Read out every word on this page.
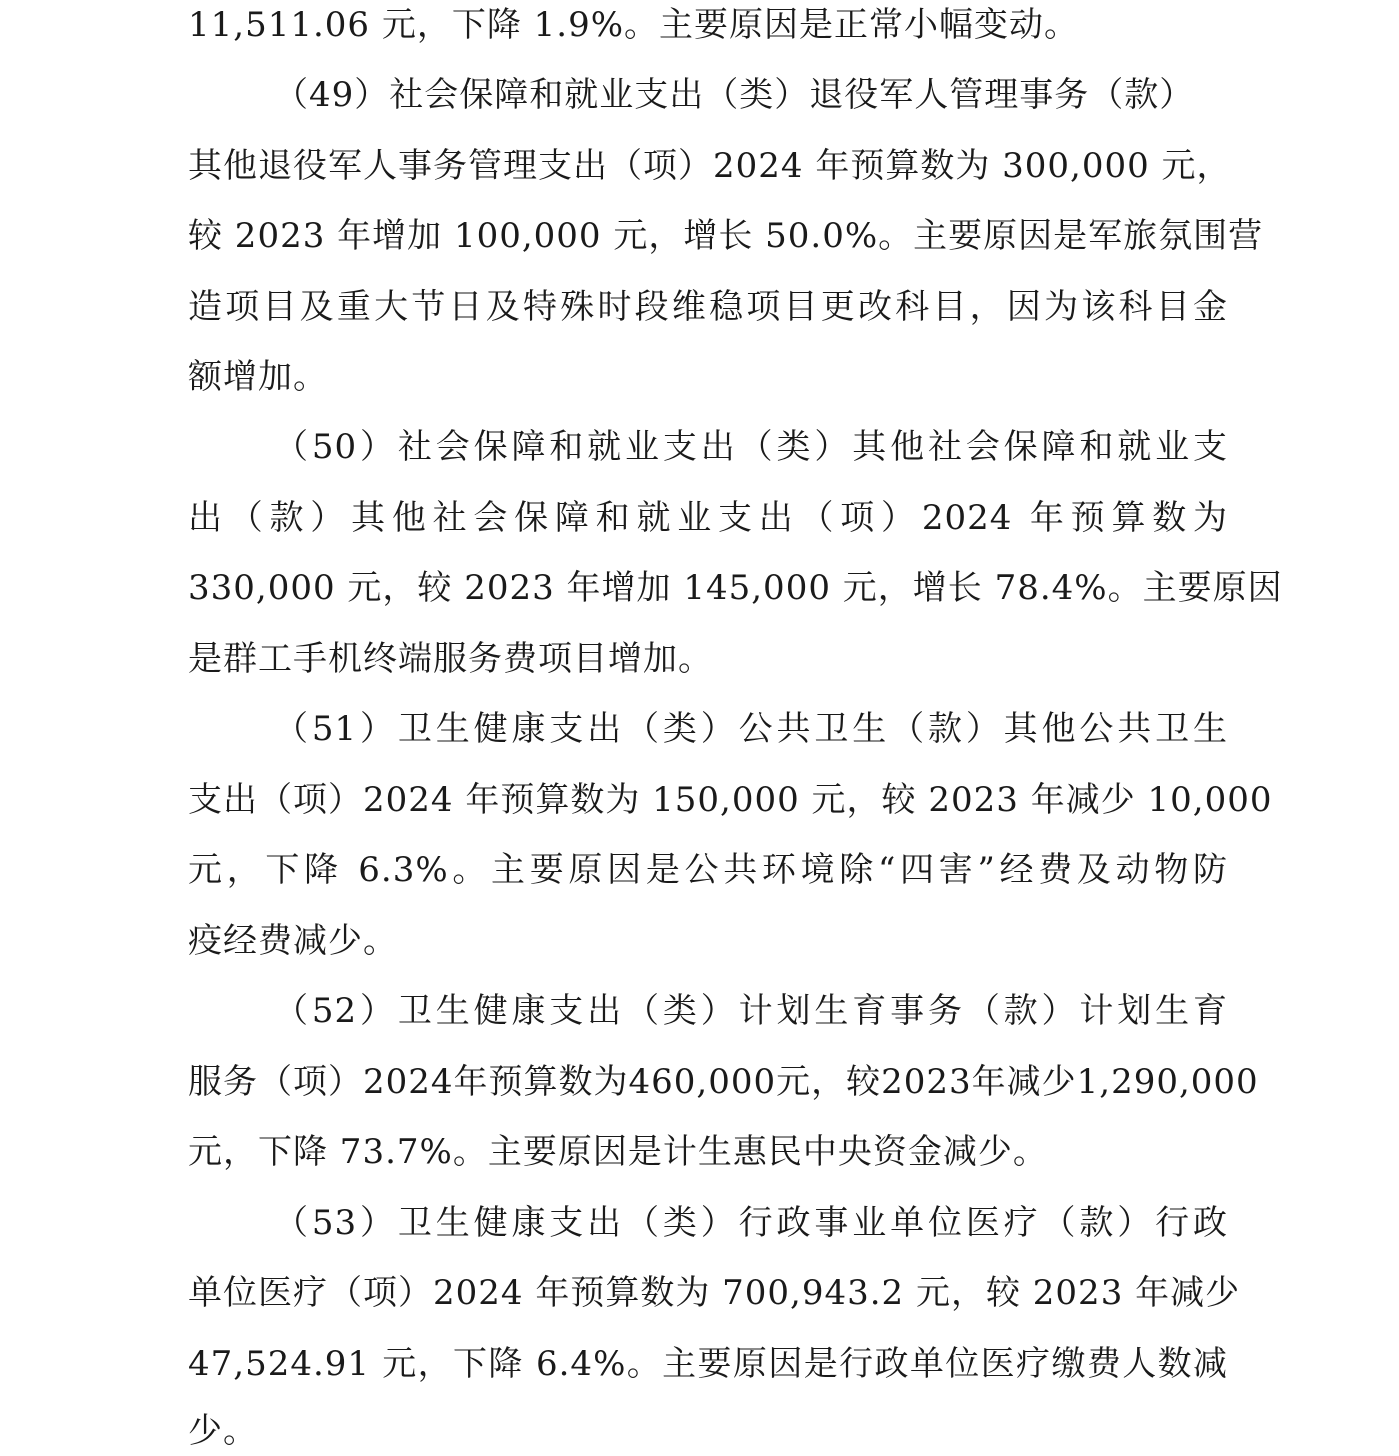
11,511.06 元，下降 1.9%。主要原因是正常小幅变动。
（49）社会保障和就业支出（类）退役军人管理事务（款）
其他退役军人事务管理支出（项）2024 年预算数为 300,000 元，
较 2023 年增加 100,000 元，增长 50.0%。主要原因是军旅氛围营
造项目及重大节日及特殊时段维稳项目更改科目，因为该科目金
额增加。
（50）社会保障和就业支出（类）其他社会保障和就业支
出（款）其他社会保障和就业支出（项）2024 年预算数为
330,000 元，较 2023 年增加 145,000 元，增长 78.4%。主要原因
是群工手机终端服务费项目增加。
（51）卫生健康支出（类）公共卫生（款）其他公共卫生
支出（项）2024 年预算数为 150,000 元，较 2023 年减少 10,000
元，下降 6.3%。主要原因是公共环境除“四害”经费及动物防
疫经费减少。
（52）卫生健康支出（类）计划生育事务（款）计划生育
服务（项）2024年预算数为460,000元，较2023年减少1,290,000
元，下降 73.7%。主要原因是计生惠民中央资金减少。
（53）卫生健康支出（类）行政事业单位医疗（款）行政
单位医疗（项）2024 年预算数为 700,943.2 元，较 2023 年减少
47,524.91 元，下降 6.4%。主要原因是行政单位医疗缴费人数减
少。
